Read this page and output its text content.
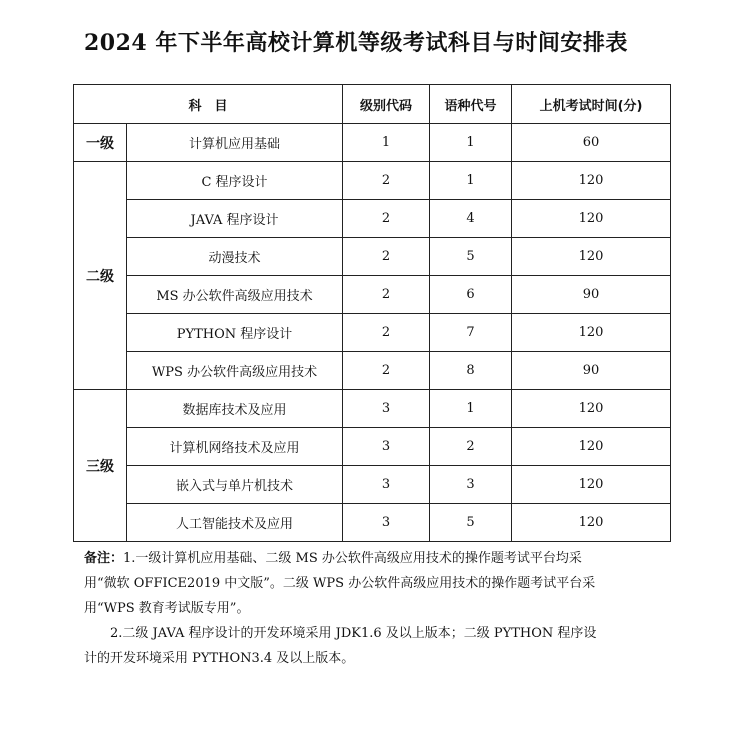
2024 年下半年高校计算机等级考试科目与时间安排表
科　目		级别代码	语种代号	上机考试时间(分)
一级	计算机应用基础	1	1	60
二级	C 程序设计	2	1	120
	JAVA 程序设计	2	4	120
	动漫技术	2	5	120
	MS 办公软件高级应用技术	2	6	90
	PYTHON 程序设计	2	7	120
	WPS 办公软件高级应用技术	2	8	90
三级	数据库技术及应用	3	1	120
	计算机网络技术及应用	3	2	120
	嵌入式与单片机技术	3	3	120
	人工智能技术及应用	3	5	120

备注：1.一级计算机应用基础、二级 MS 办公软件高级应用技术的操作题考试平台均采

用“微软 OFFICE2019 中文版”。二级 WPS 办公软件高级应用技术的操作题考试平台采

用“WPS 教育考试版专用”。

2.二级 JAVA 程序设计的开发环境采用 JDK1.6 及以上版本；二级 PYTHON 程序设

计的开发环境采用 PYTHON3.4 及以上版本。
